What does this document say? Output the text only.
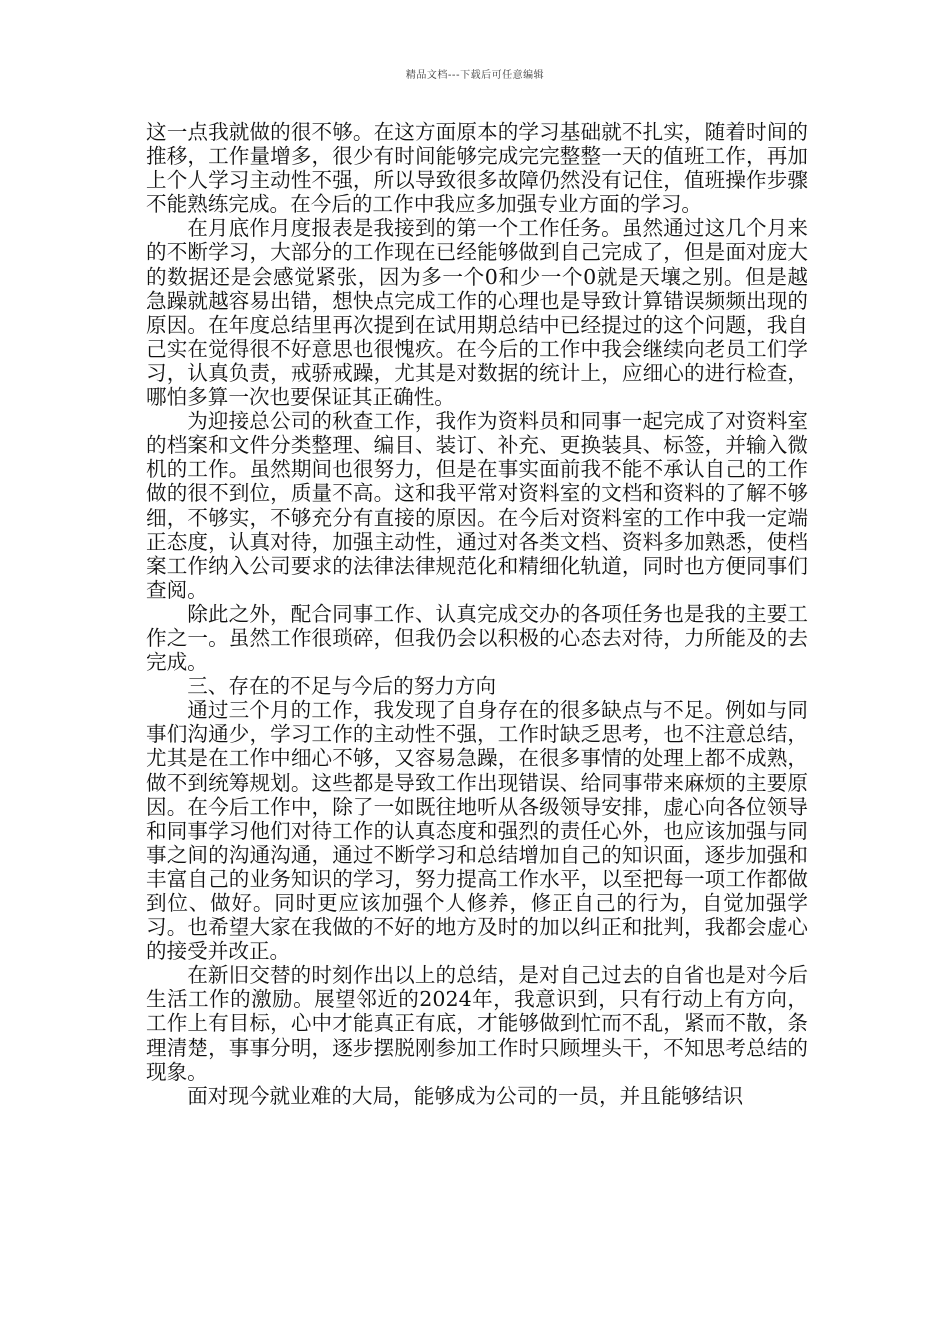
精品文档---下载后可任意编辑

这一点我就做的很不够。在这方面原本的学习基础就不扎实，随着时间的推移，工作量增多，很少有时间能够完成完完整整一天的值班工作，再加上个人学习主动性不强，所以导致很多故障仍然没有记住，值班操作步骤不能熟练完成。在今后的工作中我应多加强专业方面的学习。

在月底作月度报表是我接到的第一个工作任务。虽然通过这几个月来的不断学习，大部分的工作现在已经能够做到自己完成了，但是面对庞大的数据还是会感觉紧张，因为多一个0和少一个0就是天壤之别。但是越急躁就越容易出错，想快点完成工作的心理也是导致计算错误频频出现的原因。在年度总结里再次提到在试用期总结中已经提过的这个问题，我自己实在觉得很不好意思也很愧疚。在今后的工作中我会继续向老员工们学习，认真负责，戒骄戒躁，尤其是对数据的统计上，应细心的进行检查，哪怕多算一次也要保证其正确性。

为迎接总公司的秋查工作，我作为资料员和同事一起完成了对资料室的档案和文件分类整理、编目、装订、补充、更换装具、标签，并输入微机的工作。虽然期间也很努力，但是在事实面前我不能不承认自己的工作做的很不到位，质量不高。这和我平常对资料室的文档和资料的了解不够细，不够实，不够充分有直接的原因。在今后对资料室的工作中我一定端正态度，认真对待，加强主动性，通过对各类文档、资料多加熟悉，使档案工作纳入公司要求的法律法律规范化和精细化轨道，同时也方便同事们查阅。

除此之外，配合同事工作、认真完成交办的各项任务也是我的主要工作之一。虽然工作很琐碎，但我仍会以积极的心态去对待，力所能及的去完成。

三、存在的不足与今后的努力方向

通过三个月的工作，我发现了自身存在的很多缺点与不足。例如与同事们沟通少，学习工作的主动性不强，工作时缺乏思考，也不注意总结，尤其是在工作中细心不够，又容易急躁，在很多事情的处理上都不成熟，做不到统筹规划。这些都是导致工作出现错误、给同事带来麻烦的主要原因。在今后工作中，除了一如既往地听从各级领导安排，虚心向各位领导和同事学习他们对待工作的认真态度和强烈的责任心外，也应该加强与同事之间的沟通沟通，通过不断学习和总结增加自己的知识面，逐步加强和丰富自己的业务知识的学习，努力提高工作水平，以至把每一项工作都做到位、做好。同时更应该加强个人修养，修正自己的行为，自觉加强学习。也希望大家在我做的不好的地方及时的加以纠正和批判，我都会虚心的接受并改正。

在新旧交替的时刻作出以上的总结，是对自己过去的自省也是对今后生活工作的激励。展望邻近的2024年，我意识到，只有行动上有方向，工作上有目标，心中才能真正有底，才能够做到忙而不乱，紧而不散，条理清楚，事事分明，逐步摆脱刚参加工作时只顾埋头干，不知思考总结的现象。

面对现今就业难的大局，能够成为公司的一员，并且能够结识
